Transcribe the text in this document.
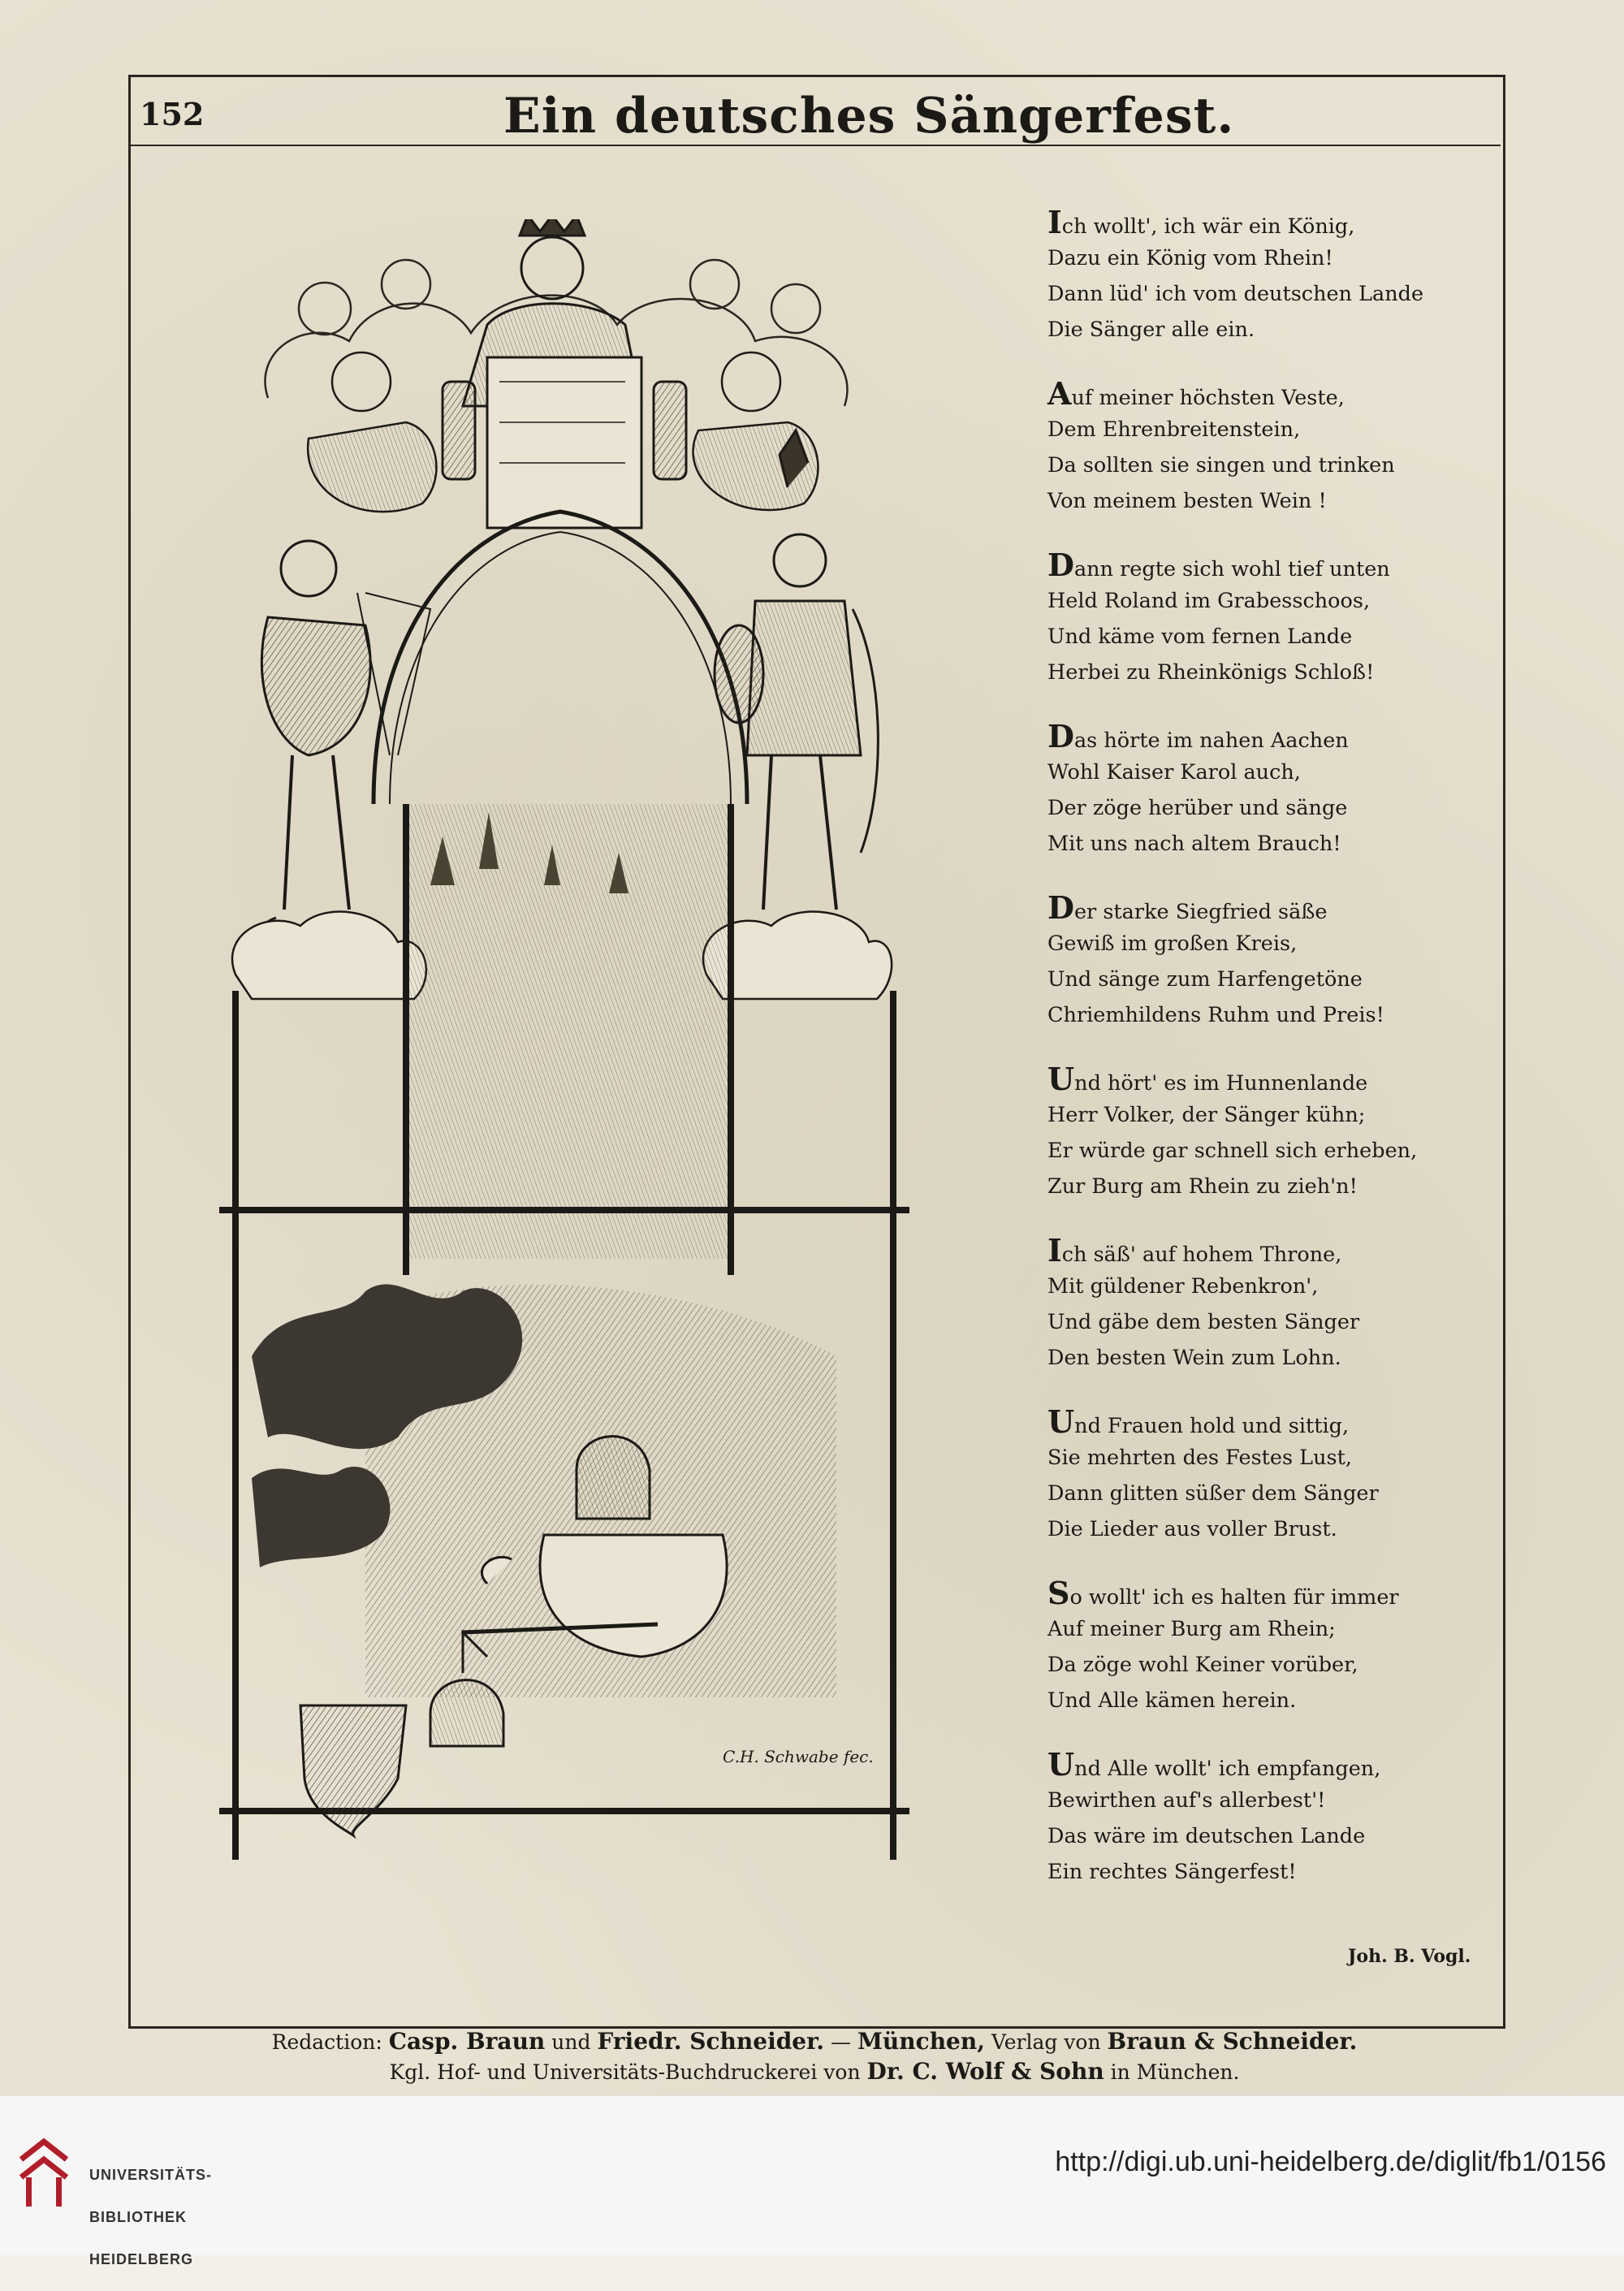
152	Ein deutsches Sängerfest.
C.H. Schwabe fec.
Ich wollt', ich wär ein König,
Dazu ein König vom Rhein!
Dann lüd' ich vom deutschen Lande
Die Sänger alle ein.
Auf meiner höchsten Veste,
Dem Ehrenbreitenstein,
Da sollten sie singen und trinken
Von meinem besten Wein !
Dann regte sich wohl tief unten
Held Roland im Grabesschoos,
Und käme vom fernen Lande
Herbei zu Rheinkönigs Schloß!
Das hörte im nahen Aachen
Wohl Kaiser Karol auch,
Der zöge herüber und sänge
Mit uns nach altem Brauch!
Der starke Siegfried säße
Gewiß im großen Kreis,
Und sänge zum Harfengetöne
Chriemhildens Ruhm und Preis!
Und hört' es im Hunnenlande
Herr Volker, der Sänger kühn;
Er würde gar schnell sich erheben,
Zur Burg am Rhein zu zieh'n!
Ich säß' auf hohem Throne,
Mit güldener Rebenkron',
Und gäbe dem besten Sänger
Den besten Wein zum Lohn.
Und Frauen hold und sittig,
Sie mehrten des Festes Lust,
Dann glitten süßer dem Sänger
Die Lieder aus voller Brust.
So wollt' ich es halten für immer
Auf meiner Burg am Rhein;
Da zöge wohl Keiner vorüber,
Und Alle kämen herein.
Und Alle wollt' ich empfangen,
Bewirthen auf's allerbest'!
Das wäre im deutschen Lande
Ein rechtes Sängerfest!
Joh. B. Vogl.
Redaction: Casp. Braun und Friedr. Schneider. — München, Verlag von Braun & Schneider.
Kgl. Hof- und Universitäts-Buchdruckerei von Dr. C. Wolf & Sohn in München.

UNIVERSITÄTS-

BIBLIOTHEK

HEIDELBERG

http://digi.ub.uni-heidelberg.de/diglit/fb1/0156
